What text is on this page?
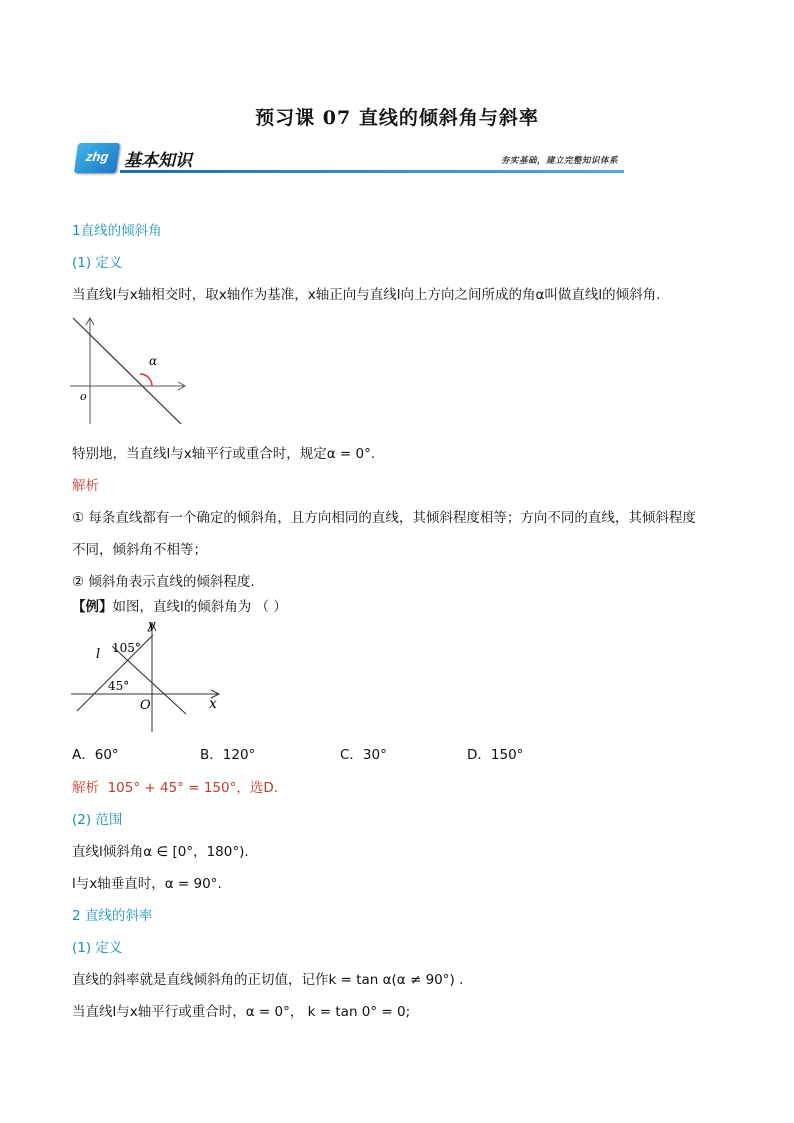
预习课 07 直线的倾斜角与斜率
zhg 基本知识	夯实基础，建立完整知识体系
1直线的倾斜角
(1) 定义
当直线l与x轴相交时，取x轴作为基准，x轴正向与直线l向上方向之间所成的角α叫做直线l的倾斜角.
α
o
特别地，当直线l与x轴平行或重合时，规定α = 0°.
解析
① 每条直线都有一个确定的倾斜角，且方向相同的直线，其倾斜程度相等；方向不同的直线，其倾斜程度
不同，倾斜角不相等；
② 倾斜角表示直线的倾斜程度.
【例】如图，直线l的倾斜角为 （ ）
y
x
O
l 105°
45°
A．60°	B．120°	C．30°	D．150°
解析 105° + 45° = 150°，选D.
(2) 范围
直线l倾斜角α ∈ [0°，180°).
l与x轴垂直时，α = 90°.
2 直线的斜率
(1) 定义
直线的斜率就是直线倾斜角的正切值，记作k = tan α(α ≠ 90°) .
当直线l与x轴平行或重合时，α = 0°， k = tan 0° = 0;
